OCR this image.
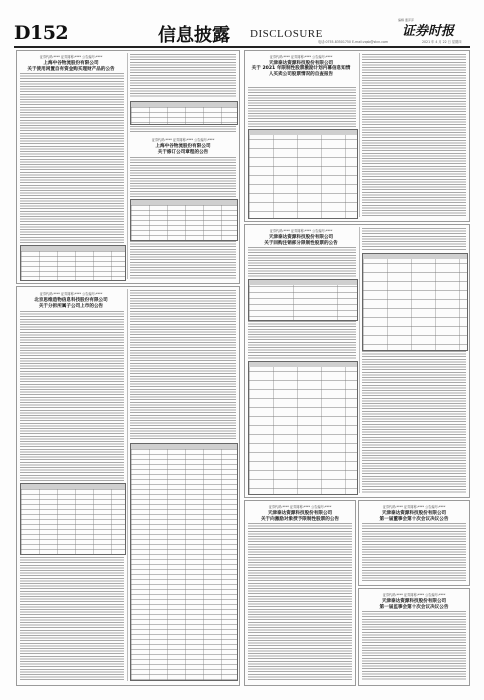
D152	信息披露 DISCLOSURE
编辑 董萍萍
证券时报
电话:0755-83501750 E-mail:zqsb@stcn.com	2021 年 4 月 22 日 星期四
证券代码:**** 证券简称:**** 公告编号:****
上海中谷物流股份有限公司
关于使用闲置自有资金购买理财产品的公告
证券代码:**** 证券简称:**** 公告编号:****
上海中谷物流股份有限公司
关于修订公司章程的公告
证券代码:**** 证券简称:**** 公告编号:****
北京思维造物信息科技股份有限公司
关于分拆所属子公司上市的公告
证券代码:**** 证券简称:**** 公告编号:****
天津泰达资源科技股份有限公司
关于 2021 年限制性股票激励计划内幕信息知情人买卖公司股票情况的自查报告
证券代码:**** 证券简称:**** 公告编号:****
天津泰达资源科技股份有限公司
关于回购注销部分限制性股票的公告
证券代码:**** 证券简称:**** 公告编号:****
天津泰达资源科技股份有限公司
关于向激励对象授予限制性股票的公告
证券代码:**** 证券简称:**** 公告编号:****
天津泰达资源科技股份有限公司
第一届董事会第十次会议决议公告
证券代码:**** 证券简称:**** 公告编号:****
天津泰达资源科技股份有限公司
第一届监事会第十次会议决议公告
